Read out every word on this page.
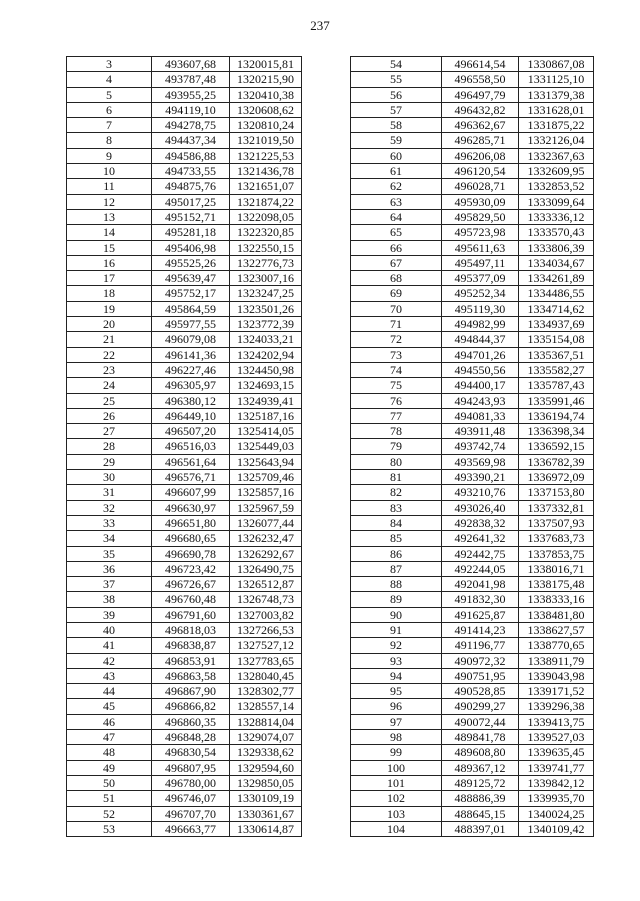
237
3	493607,68	1320015,81
4	493787,48	1320215,90
5	493955,25	1320410,38
6	494119,10	1320608,62
7	494278,75	1320810,24
8	494437,34	1321019,50
9	494586,88	1321225,53
10	494733,55	1321436,78
11	494875,76	1321651,07
12	495017,25	1321874,22
13	495152,71	1322098,05
14	495281,18	1322320,85
15	495406,98	1322550,15
16	495525,26	1322776,73
17	495639,47	1323007,16
18	495752,17	1323247,25
19	495864,59	1323501,26
20	495977,55	1323772,39
21	496079,08	1324033,21
22	496141,36	1324202,94
23	496227,46	1324450,98
24	496305,97	1324693,15
25	496380,12	1324939,41
26	496449,10	1325187,16
27	496507,20	1325414,05
28	496516,03	1325449,03
29	496561,64	1325643,94
30	496576,71	1325709,46
31	496607,99	1325857,16
32	496630,97	1325967,59
33	496651,80	1326077,44
34	496680,65	1326232,47
35	496690,78	1326292,67
36	496723,42	1326490,75
37	496726,67	1326512,87
38	496760,48	1326748,73
39	496791,60	1327003,82
40	496818,03	1327266,53
41	496838,87	1327527,12
42	496853,91	1327783,65
43	496863,58	1328040,45
44	496867,90	1328302,77
45	496866,82	1328557,14
46	496860,35	1328814,04
47	496848,28	1329074,07
48	496830,54	1329338,62
49	496807,95	1329594,60
50	496780,00	1329850,05
51	496746,07	1330109,19
52	496707,70	1330361,67
53	496663,77	1330614,87
54	496614,54	1330867,08
55	496558,50	1331125,10
56	496497,79	1331379,38
57	496432,82	1331628,01
58	496362,67	1331875,22
59	496285,71	1332126,04
60	496206,08	1332367,63
61	496120,54	1332609,95
62	496028,71	1332853,52
63	495930,09	1333099,64
64	495829,50	1333336,12
65	495723,98	1333570,43
66	495611,63	1333806,39
67	495497,11	1334034,67
68	495377,09	1334261,89
69	495252,34	1334486,55
70	495119,30	1334714,62
71	494982,99	1334937,69
72	494844,37	1335154,08
73	494701,26	1335367,51
74	494550,56	1335582,27
75	494400,17	1335787,43
76	494243,93	1335991,46
77	494081,33	1336194,74
78	493911,48	1336398,34
79	493742,74	1336592,15
80	493569,98	1336782,39
81	493390,21	1336972,09
82	493210,76	1337153,80
83	493026,40	1337332,81
84	492838,32	1337507,93
85	492641,32	1337683,73
86	492442,75	1337853,75
87	492244,05	1338016,71
88	492041,98	1338175,48
89	491832,30	1338333,16
90	491625,87	1338481,80
91	491414,23	1338627,57
92	491196,77	1338770,65
93	490972,32	1338911,79
94	490751,95	1339043,98
95	490528,85	1339171,52
96	490299,27	1339296,38
97	490072,44	1339413,75
98	489841,78	1339527,03
99	489608,80	1339635,45
100	489367,12	1339741,77
101	489125,72	1339842,12
102	488886,39	1339935,70
103	488645,15	1340024,25
104	488397,01	1340109,42
